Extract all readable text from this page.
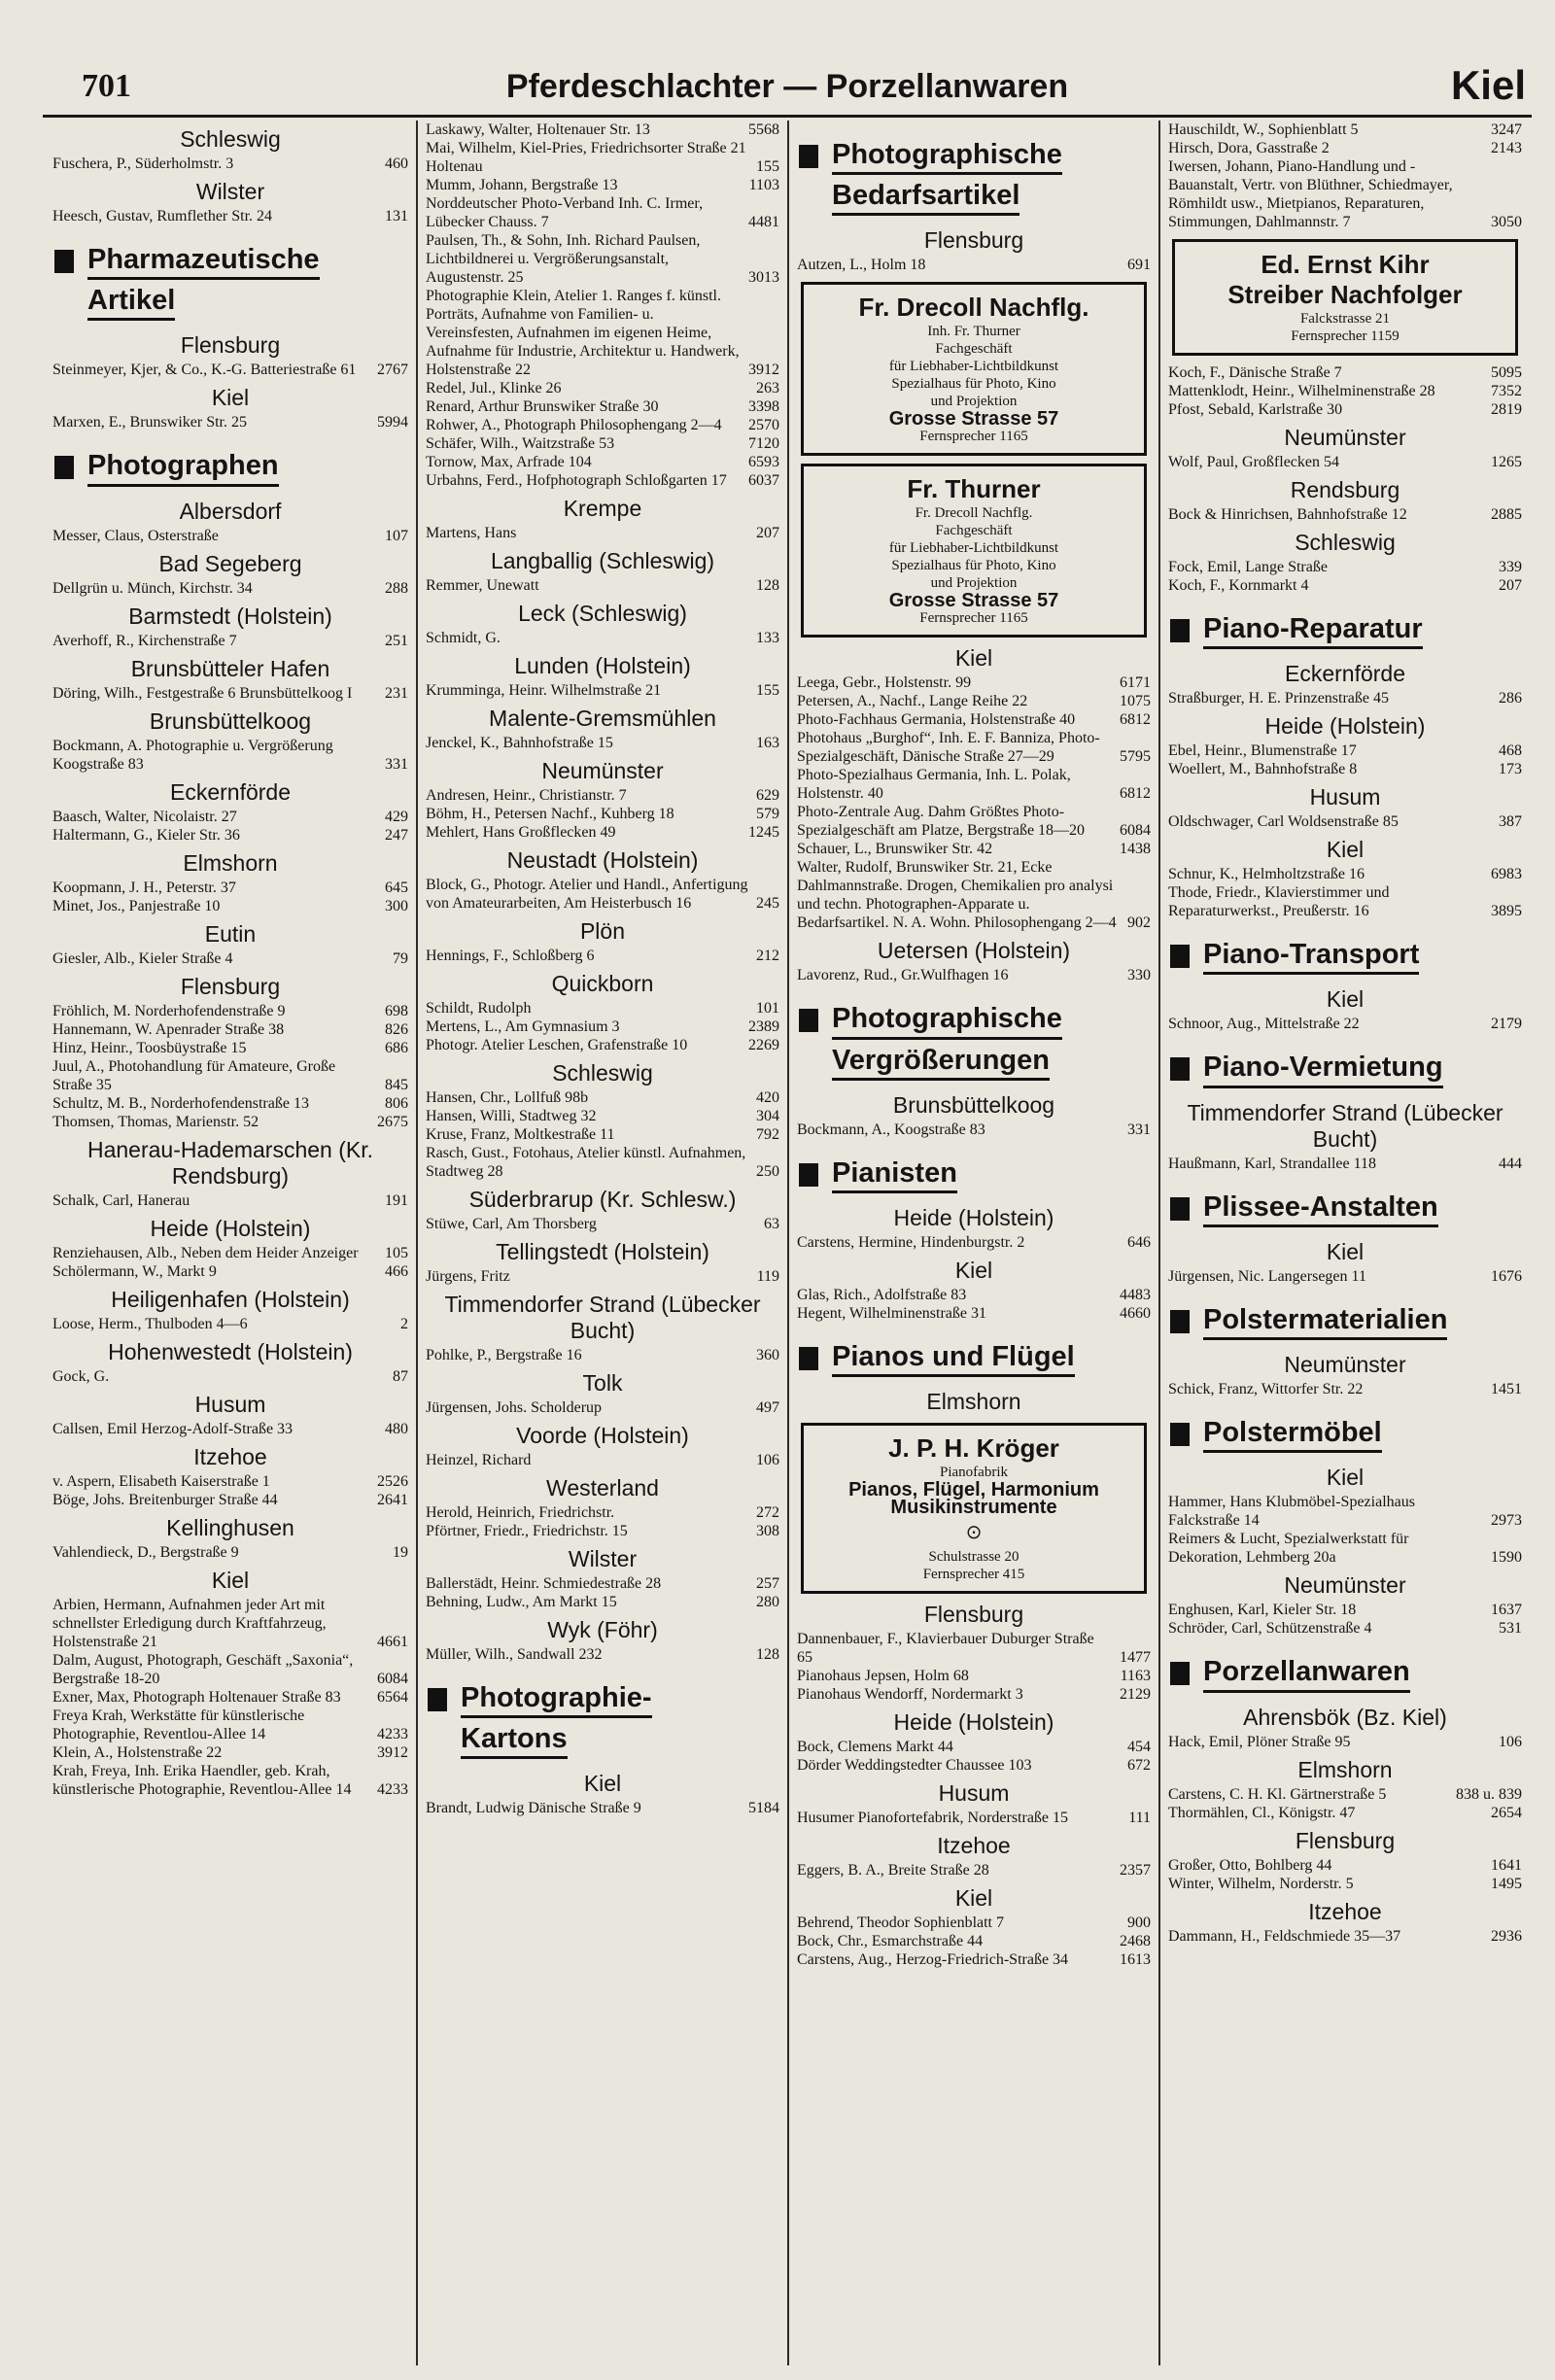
701	Pferdeschlachter — Porzellanwaren	Kiel
Schleswig
Fuschera, P., Süderholmstr. 3	460
Wilster
Heesch, Gustav, Rumflether Str. 24	131
Pharmazeutische
Artikel
Flensburg
Steinmeyer, Kjer, & Co., K.-G. Batteriestraße 61	2767
Kiel
Marxen, E., Brunswiker Str. 25	5994
Photographen
Albersdorf
Messer, Claus, Osterstraße	107
Bad Segeberg
Dellgrün u. Münch, Kirchstr. 34	288
Barmstedt (Holstein)
Averhoff, R., Kirchenstraße 7	251
Brunsbütteler Hafen
Döring, Wilh., Festgestraße 6 Brunsbüttelkoog I	231
Brunsbüttelkoog
Bockmann, A. Photographie u. Vergrößerung Koogstraße 83	331
Eckernförde
Baasch, Walter, Nicolaistr. 27	429
Haltermann, G., Kieler Str. 36	247
Elmshorn
Koopmann, J. H., Peterstr. 37	645
Minet, Jos., Panjestraße 10	300
Eutin
Giesler, Alb., Kieler Straße 4	79
Flensburg
Fröhlich, M. Norderhofendenstraße 9	698
Hannemann, W. Apenrader Straße 38	826
Hinz, Heinr., Toosbüystraße 15	686
Juul, A., Photohandlung für Amateure, Große Straße 35	845
Schultz, M. B., Norderhofendenstraße 13	806
Thomsen, Thomas, Marienstr. 52	2675
Hanerau-Hademarschen (Kr. Rendsburg)
Schalk, Carl, Hanerau	191
Heide (Holstein)
Renziehausen, Alb., Neben dem Heider Anzeiger	105
Schölermann, W., Markt 9	466
Heiligenhafen (Holstein)
Loose, Herm., Thulboden 4—6	2
Hohenwestedt (Holstein)
Gock, G.	87
Husum
Callsen, Emil Herzog-Adolf-Straße 33	480
Itzehoe
v. Aspern, Elisabeth Kaiserstraße 1	2526
Böge, Johs. Breitenburger Straße 44	2641
Kellinghusen
Vahlendieck, D., Bergstraße 9	19
Kiel
Arbien, Hermann, Aufnahmen jeder Art mit schnellster Erledigung durch Kraftfahrzeug, Holstenstraße 21	4661
Dalm, August, Photograph, Geschäft „Saxonia“, Bergstraße 18-20	6084
Exner, Max, Photograph Holtenauer Straße 83	6564
Freya Krah, Werkstätte für künstlerische Photographie, Reventlou-Allee 14	4233
Klein, A., Holstenstraße 22	3912
Krah, Freya, Inh. Erika Haendler, geb. Krah, künstlerische Photographie, Reventlou-Allee 14	4233
Laskawy, Walter, Holtenauer Str. 13	5568
Mai, Wilhelm, Kiel-Pries, Friedrichsorter Straße 21 Holtenau	155
Mumm, Johann, Bergstraße 13	1103
Norddeutscher Photo-Verband Inh. C. Irmer, Lübecker Chauss. 7	4481
Paulsen, Th., & Sohn, Inh. Richard Paulsen, Lichtbildnerei u. Vergrößerungsanstalt, Augustenstr. 25	3013
Photographie Klein, Atelier 1. Ranges f. künstl. Porträts, Aufnahme von Familien- u. Vereinsfesten, Aufnahmen im eigenen Heime, Aufnahme für Industrie, Architektur u. Handwerk, Holstenstraße 22	3912
Redel, Jul., Klinke 26	263
Renard, Arthur Brunswiker Straße 30	3398
Rohwer, A., Photograph Philosophengang 2—4	2570
Schäfer, Wilh., Waitzstraße 53	7120
Tornow, Max, Arfrade 104	6593
Urbahns, Ferd., Hofphotograph Schloßgarten 17	6037
Krempe
Martens, Hans	207
Langballig (Schleswig)
Remmer, Unewatt	128
Leck (Schleswig)
Schmidt, G.	133
Lunden (Holstein)
Krumminga, Heinr. Wilhelmstraße 21	155
Malente-Gremsmühlen
Jenckel, K., Bahnhofstraße 15	163
Neumünster
Andresen, Heinr., Christianstr. 7	629
Böhm, H., Petersen Nachf., Kuhberg 18	579
Mehlert, Hans Großflecken 49	1245
Neustadt (Holstein)
Block, G., Photogr. Atelier und Handl., Anfertigung von Amateurarbeiten, Am Heisterbusch 16	245
Plön
Hennings, F., Schloßberg 6	212
Quickborn
Schildt, Rudolph	101
Mertens, L., Am Gymnasium 3	2389
Photogr. Atelier Leschen, Grafenstraße 10	2269
Schleswig
Hansen, Chr., Lollfuß 98b	420
Hansen, Willi, Stadtweg 32	304
Kruse, Franz, Moltkestraße 11	792
Rasch, Gust., Fotohaus, Atelier künstl. Aufnahmen, Stadtweg 28	250
Süderbrarup (Kr. Schlesw.)
Stüwe, Carl, Am Thorsberg	63
Tellingstedt (Holstein)
Jürgens, Fritz	119
Timmendorfer Strand (Lübecker Bucht)
Pohlke, P., Bergstraße 16	360
Tolk
Jürgensen, Johs. Scholderup	497
Voorde (Holstein)
Heinzel, Richard	106
Westerland
Herold, Heinrich, Friedrichstr.	272
Pförtner, Friedr., Friedrichstr. 15	308
Wilster
Ballerstädt, Heinr. Schmiedestraße 28	257
Behning, Ludw., Am Markt 15	280
Wyk (Föhr)
Müller, Wilh., Sandwall 232	128
Photographie-
Kartons
Kiel
Brandt, Ludwig Dänische Straße 9	5184
Photographische
Bedarfsartikel
Flensburg
Autzen, L., Holm 18	691
Fr. Drecoll Nachflg.
Inh. Fr. Thurner
Fachgeschäft
für Liebhaber-Lichtbildkunst
Spezialhaus für Photo, Kino
und Projektion
Grosse Strasse 57
Fernsprecher 1165
Fr. Thurner
Fr. Drecoll Nachflg.
Fachgeschäft
für Liebhaber-Lichtbildkunst
Spezialhaus für Photo, Kino
und Projektion
Grosse Strasse 57
Fernsprecher 1165
Kiel
Leega, Gebr., Holstenstr. 99	6171
Petersen, A., Nachf., Lange Reihe 22	1075
Photo-Fachhaus Germania, Holstenstraße 40	6812
Photohaus „Burghof“, Inh. E. F. Banniza, Photo-Spezialgeschäft, Dänische Straße 27—29	5795
Photo-Spezialhaus Germania, Inh. L. Polak, Holstenstr. 40	6812
Photo-Zentrale Aug. Dahm Größtes Photo-Spezialgeschäft am Platze, Bergstraße 18—20	6084
Schauer, L., Brunswiker Str. 42	1438
Walter, Rudolf, Brunswiker Str. 21, Ecke Dahlmannstraße. Drogen, Chemikalien pro analysi und techn. Photographen-Apparate u. Bedarfsartikel. N. A. Wohn. Philosophengang 2—4 902
Uetersen (Holstein)
Lavorenz, Rud., Gr.Wulfhagen 16	330
Photographische
Vergrößerungen
Brunsbüttelkoog
Bockmann, A., Koogstraße 83	331
Pianisten
Heide (Holstein)
Carstens, Hermine, Hindenburgstr. 2	646
Kiel
Glas, Rich., Adolfstraße 83	4483
Hegent, Wilhelminenstraße 31	4660
Pianos und Flügel
Elmshorn
J. P. H. Kröger
Pianofabrik
Pianos, Flügel, Harmonium Musikinstrumente
⊙
Schulstrasse 20
Fernsprecher 415
Flensburg
Dannenbauer, F., Klavierbauer Duburger Straße 65	1477
Pianohaus Jepsen, Holm 68	1163
Pianohaus Wendorff, Nordermarkt 3	2129
Heide (Holstein)
Bock, Clemens Markt 44	454
Dörder Weddingstedter Chaussee 103	672
Husum
Husumer Pianofortefabrik, Norderstraße 15	111
Itzehoe
Eggers, B. A., Breite Straße 28	2357
Kiel
Behrend, Theodor Sophienblatt 7	900
Bock, Chr., Esmarchstraße 44	2468
Carstens, Aug., Herzog-Friedrich-Straße 34	1613
Hauschildt, W., Sophienblatt 5	3247
Hirsch, Dora, Gasstraße 2	2143
Iwersen, Johann, Piano-Handlung und -Bauanstalt, Vertr. von Blüthner, Schiedmayer, Römhildt usw., Mietpianos, Reparaturen, Stimmungen, Dahlmannstr. 7	3050
Ed. Ernst Kihr
Streiber Nachfolger
Falckstrasse 21
Fernsprecher 1159
Koch, F., Dänische Straße 7	5095
Mattenklodt, Heinr., Wilhelminenstraße 28	7352
Pfost, Sebald, Karlstraße 30	2819
Neumünster
Wolf, Paul, Großflecken 54	1265
Rendsburg
Bock & Hinrichsen, Bahnhofstraße 12	2885
Schleswig
Fock, Emil, Lange Straße	339
Koch, F., Kornmarkt 4	207
Piano-Reparatur
Eckernförde
Straßburger, H. E. Prinzenstraße 45	286
Heide (Holstein)
Ebel, Heinr., Blumenstraße 17	468
Woellert, M., Bahnhofstraße 8	173
Husum
Oldschwager, Carl Woldsenstraße 85	387
Kiel
Schnur, K., Helmholtzstraße 16	6983
Thode, Friedr., Klavierstimmer und Reparaturwerkst., Preußerstr. 16	3895
Piano-Transport
Kiel
Schnoor, Aug., Mittelstraße 22	2179
Piano-Vermietung
Timmendorfer Strand (Lübecker Bucht)
Haußmann, Karl, Strandallee 118	444
Plissee-Anstalten
Kiel
Jürgensen, Nic. Langersegen 11	1676
Polstermaterialien
Neumünster
Schick, Franz, Wittorfer Str. 22	1451
Polstermöbel
Kiel
Hammer, Hans Klubmöbel-Spezialhaus Falckstraße 14	2973
Reimers & Lucht, Spezialwerkstatt für Dekoration, Lehmberg 20a	1590
Neumünster
Enghusen, Karl, Kieler Str. 18	1637
Schröder, Carl, Schützenstraße 4	531
Porzellanwaren
Ahrensbök (Bz. Kiel)
Hack, Emil, Plöner Straße 95	106
Elmshorn
Carstens, C. H. Kl. Gärtnerstraße 5	838 u. 839
Thormählen, Cl., Königstr. 47	2654
Flensburg
Großer, Otto, Bohlberg 44	1641
Winter, Wilhelm, Norderstr. 5	1495
Itzehoe
Dammann, H., Feldschmiede 35—37	2936
